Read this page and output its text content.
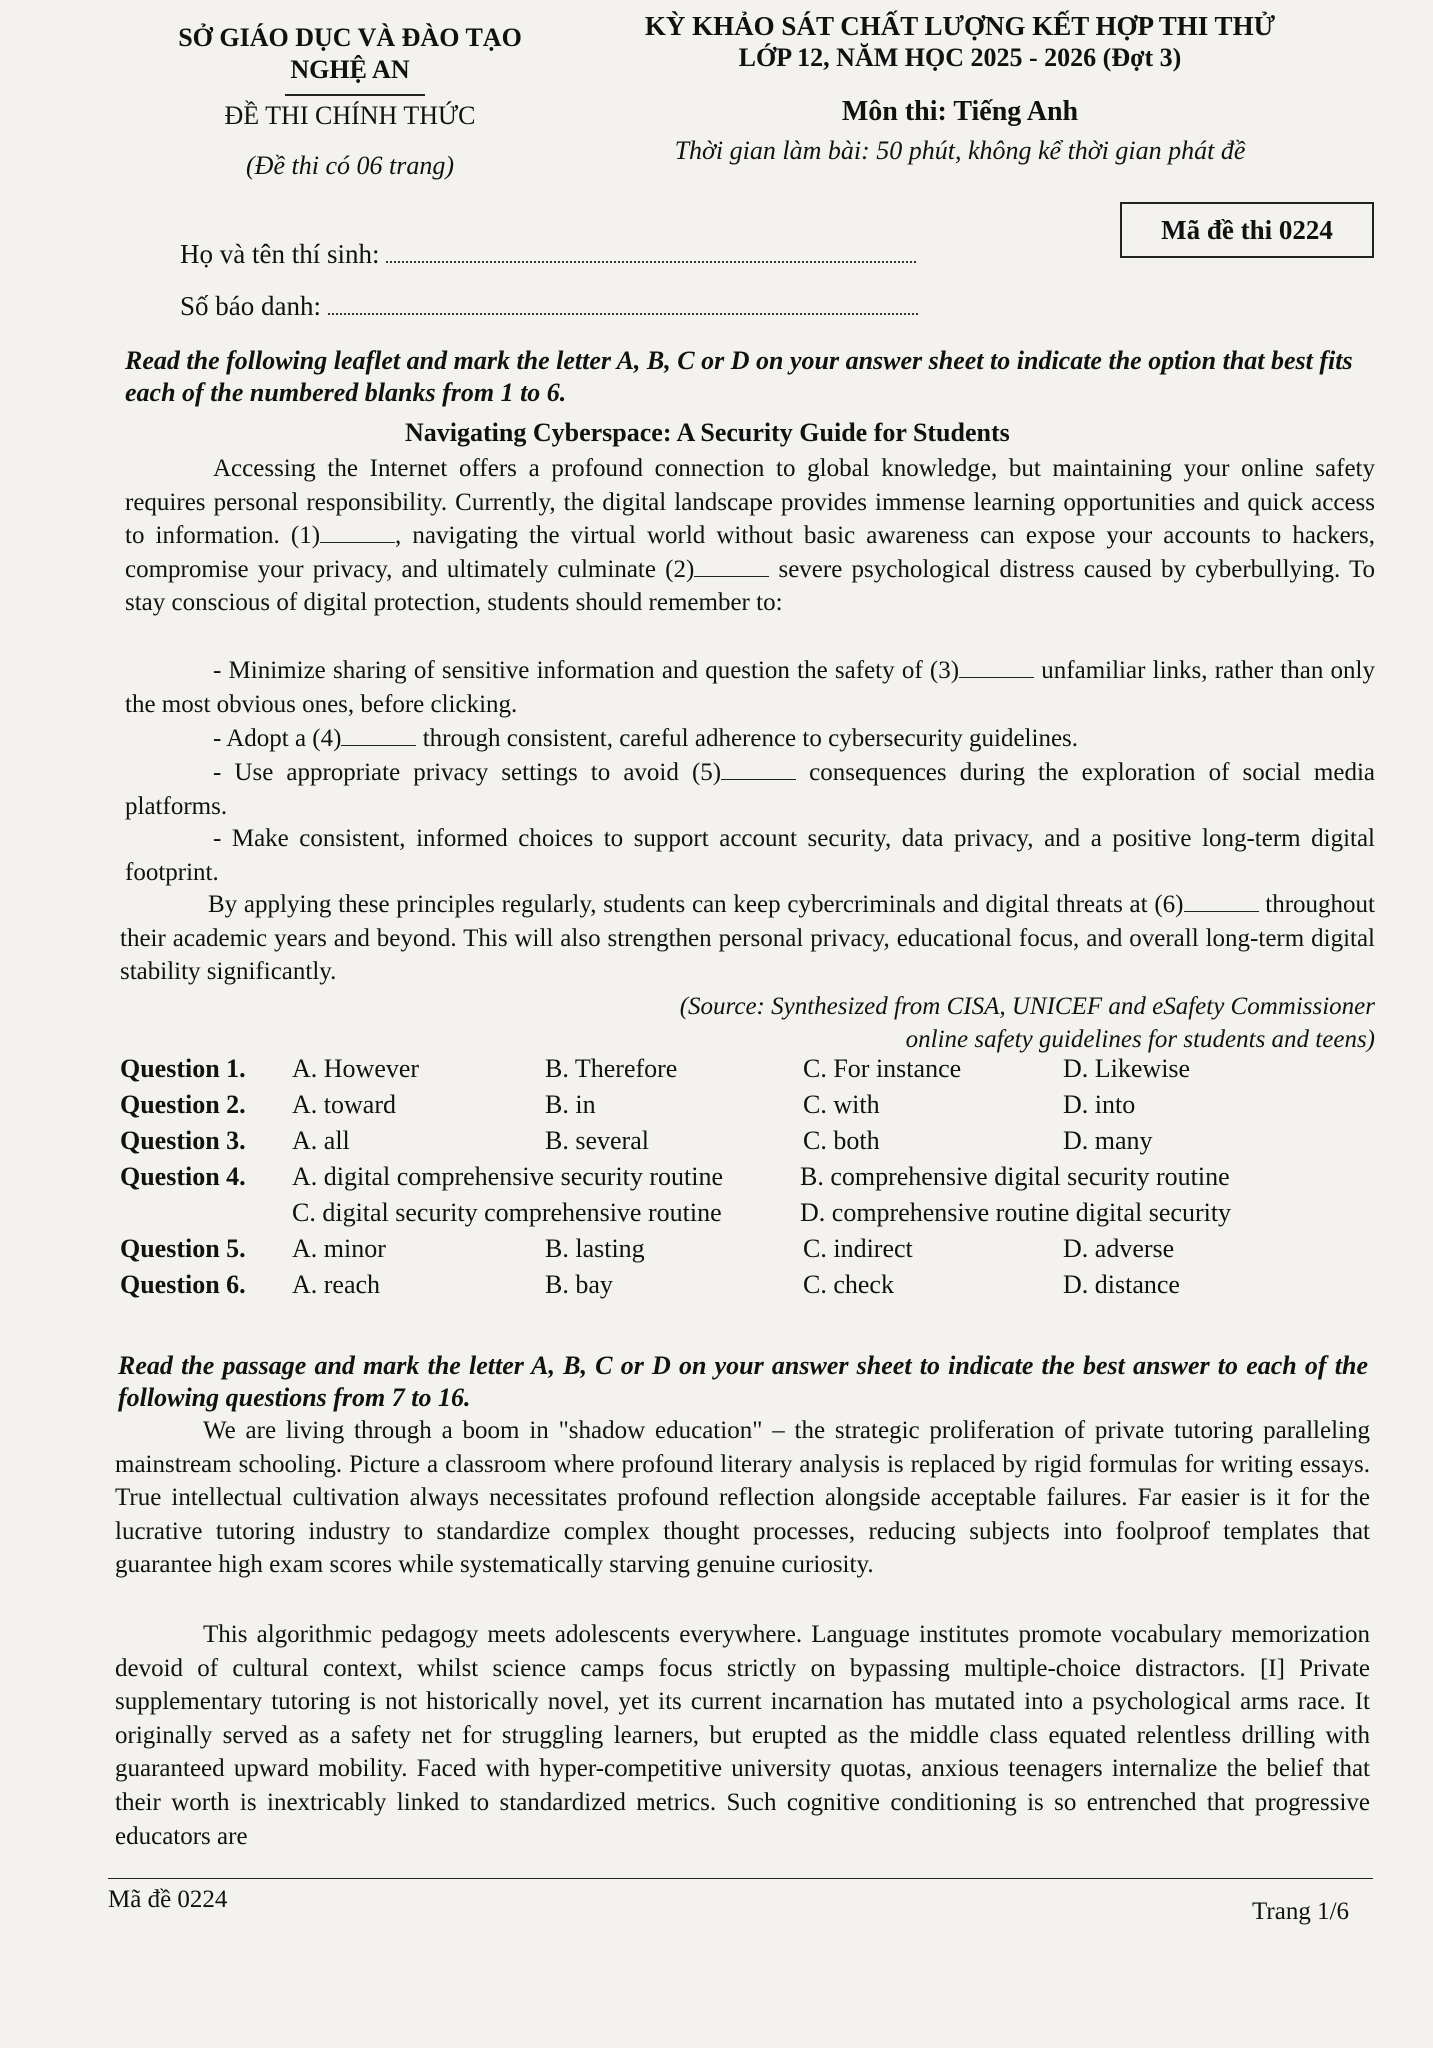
SỞ GIÁO DỤC VÀ ĐÀO TẠO
NGHỆ AN
ĐỀ THI CHÍNH THỨC
(Đề thi có 06 trang)
KỲ KHẢO SÁT CHẤT LƯỢNG KẾT HỢP THI THỬ
LỚP 12, NĂM HỌC 2025 - 2026 (Đợt 3)
Môn thi: Tiếng Anh
Thời gian làm bài: 50 phút, không kể thời gian phát đề
Họ và tên thí sinh:
Số báo danh:
Mã đề thi 0224
Read the following leaflet and mark the letter A, B, C or D on your answer sheet to indicate the option that best fits each of the numbered blanks from 1 to 6.
Navigating Cyberspace: A Security Guide for Students
Accessing the Internet offers a profound connection to global knowledge, but maintaining your online safety requires personal responsibility. Currently, the digital landscape provides immense learning opportunities and quick access to information. (1)	, navigating the virtual world without basic awareness can expose your accounts to hackers, compromise your privacy, and ultimately culminate (2)	severe psychological distress caused by cyberbullying. To stay conscious of digital protection, students should remember to:
- Minimize sharing of sensitive information and question the safety of (3)	unfamiliar links, rather than only the most obvious ones, before clicking.
- Adopt a (4)	through consistent, careful adherence to cybersecurity guidelines.
- Use appropriate privacy settings to avoid (5)	consequences during the exploration of social media platforms.
- Make consistent, informed choices to support account security, data privacy, and a positive long-term digital footprint.
By applying these principles regularly, students can keep cybercriminals and digital threats at (6)	throughout their academic years and beyond. This will also strengthen personal privacy, educational focus, and overall long-term digital stability significantly.
(Source: Synthesized from CISA, UNICEF and eSafety Commissioner
online safety guidelines for students and teens)
Question 1. A. However	B. Therefore	C. For instance	D. Likewise
Question 2. A. toward	B. in	C. with	D. into
Question 3. A. all	B. several	C. both	D. many
Question 4. A. digital comprehensive security routine	B. comprehensive digital security routine
C. digital security comprehensive routine	D. comprehensive routine digital security
Question 5. A. minor	B. lasting	C. indirect	D. adverse
Question 6. A. reach	B. bay	C. check	D. distance
Read the passage and mark the letter A, B, C or D on your answer sheet to indicate the best answer to each of the following questions from 7 to 16.
We are living through a boom in "shadow education" – the strategic proliferation of private tutoring paralleling mainstream schooling. Picture a classroom where profound literary analysis is replaced by rigid formulas for writing essays. True intellectual cultivation always necessitates profound reflection alongside acceptable failures. Far easier is it for the lucrative tutoring industry to standardize complex thought processes, reducing subjects into foolproof templates that guarantee high exam scores while systematically starving genuine curiosity.
This algorithmic pedagogy meets adolescents everywhere. Language institutes promote vocabulary memorization devoid of cultural context, whilst science camps focus strictly on bypassing multiple-choice distractors. [I] Private supplementary tutoring is not historically novel, yet its current incarnation has mutated into a psychological arms race. It originally served as a safety net for struggling learners, but erupted as the middle class equated relentless drilling with guaranteed upward mobility. Faced with hyper-competitive university quotas, anxious teenagers internalize the belief that their worth is inextricably linked to standardized metrics. Such cognitive conditioning is so entrenched that progressive educators are
Mã đề 0224	Trang 1/6
